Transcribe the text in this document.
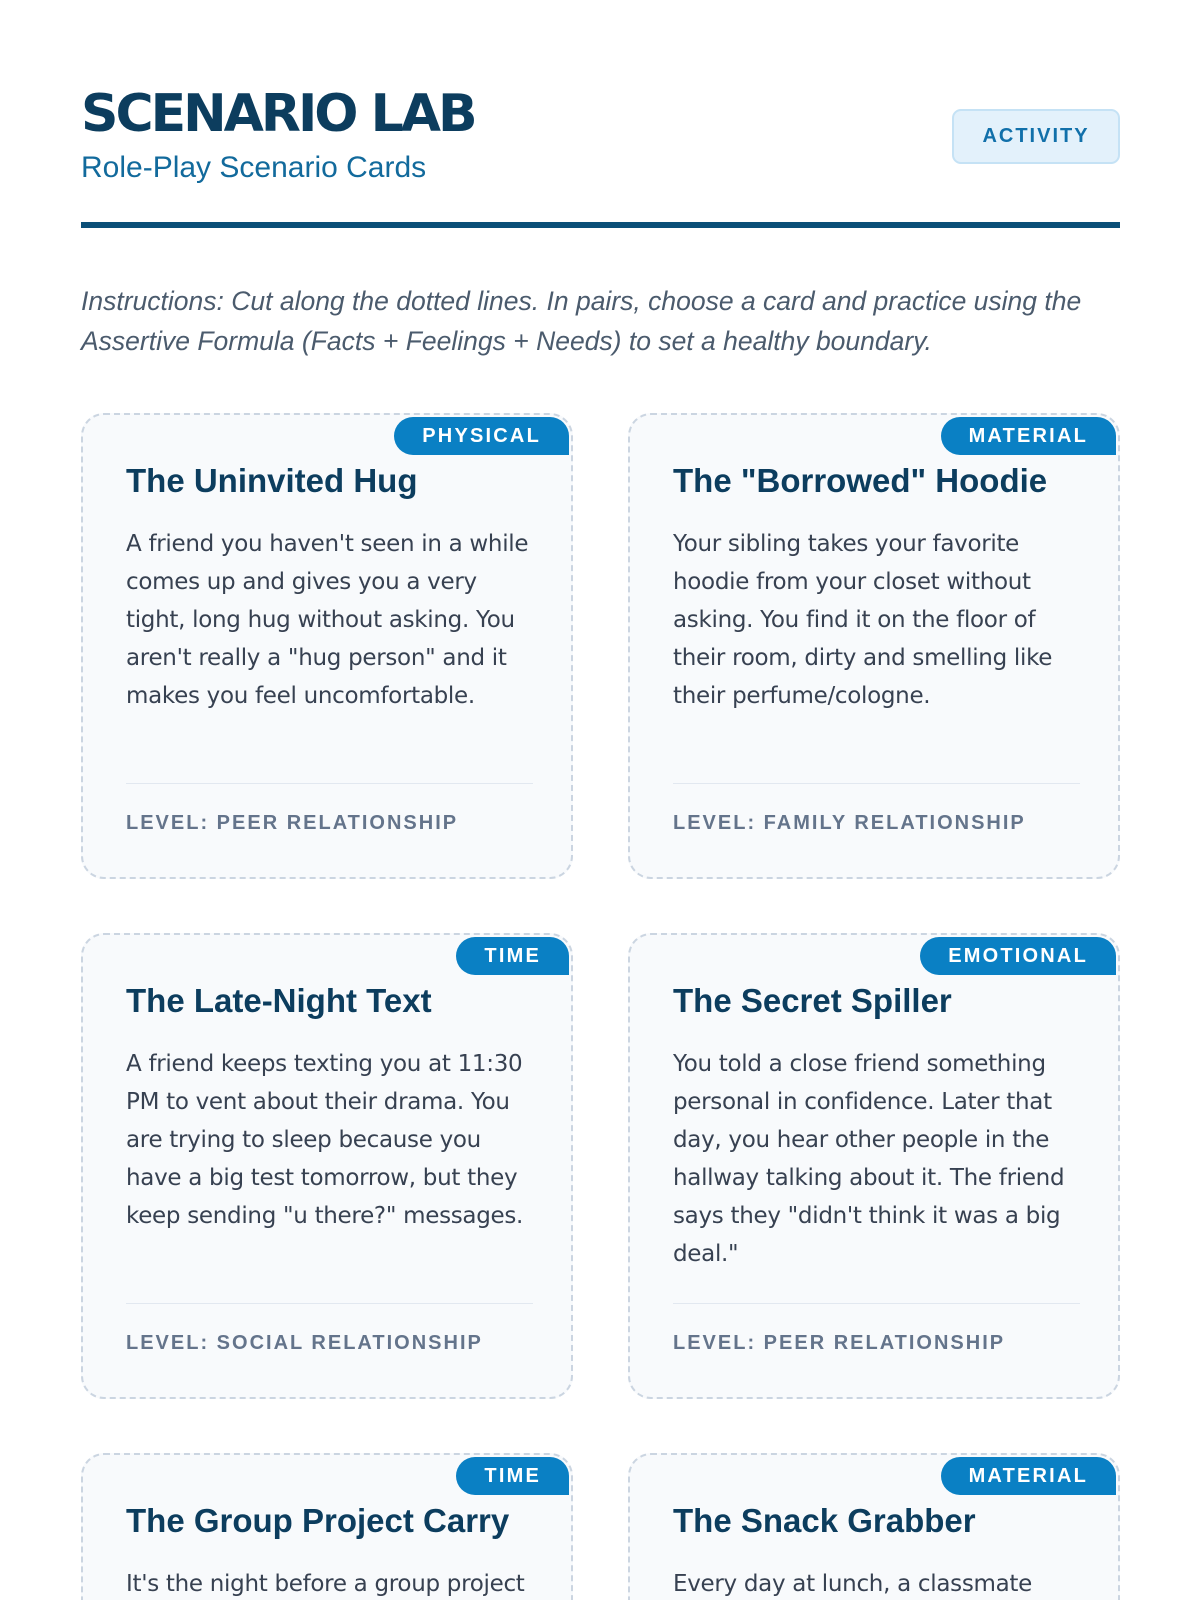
SCENARIO LAB
Role-Play Scenario Cards
ACTIVITY
Instructions: Cut along the dotted lines. In pairs, choose a card and practice using the Assertive Formula (Facts + Feelings + Needs) to set a healthy boundary.
PHYSICAL
The Uninvited Hug

A friend you haven't seen in a while comes up and gives you a very tight, long hug without asking. You aren't really a "hug person" and it makes you feel uncomfortable.

LEVEL: PEER RELATIONSHIP
MATERIAL
The "Borrowed" Hoodie

Your sibling takes your favorite hoodie from your closet without asking. You find it on the floor of their room, dirty and smelling like their perfume/cologne.

LEVEL: FAMILY RELATIONSHIP
TIME
The Late-Night Text

A friend keeps texting you at 11:30 PM to vent about their drama. You are trying to sleep because you have a big test tomorrow, but they keep sending "u there?" messages.

LEVEL: SOCIAL RELATIONSHIP
EMOTIONAL
The Secret Spiller

You told a close friend something personal in confidence. Later that day, you hear other people in the hallway talking about it. The friend says they "didn't think it was a big deal."

LEVEL: PEER RELATIONSHIP
TIME
The Group Project Carry

It's the night before a group project

MATERIAL
The Snack Grabber

Every day at lunch, a classmate
